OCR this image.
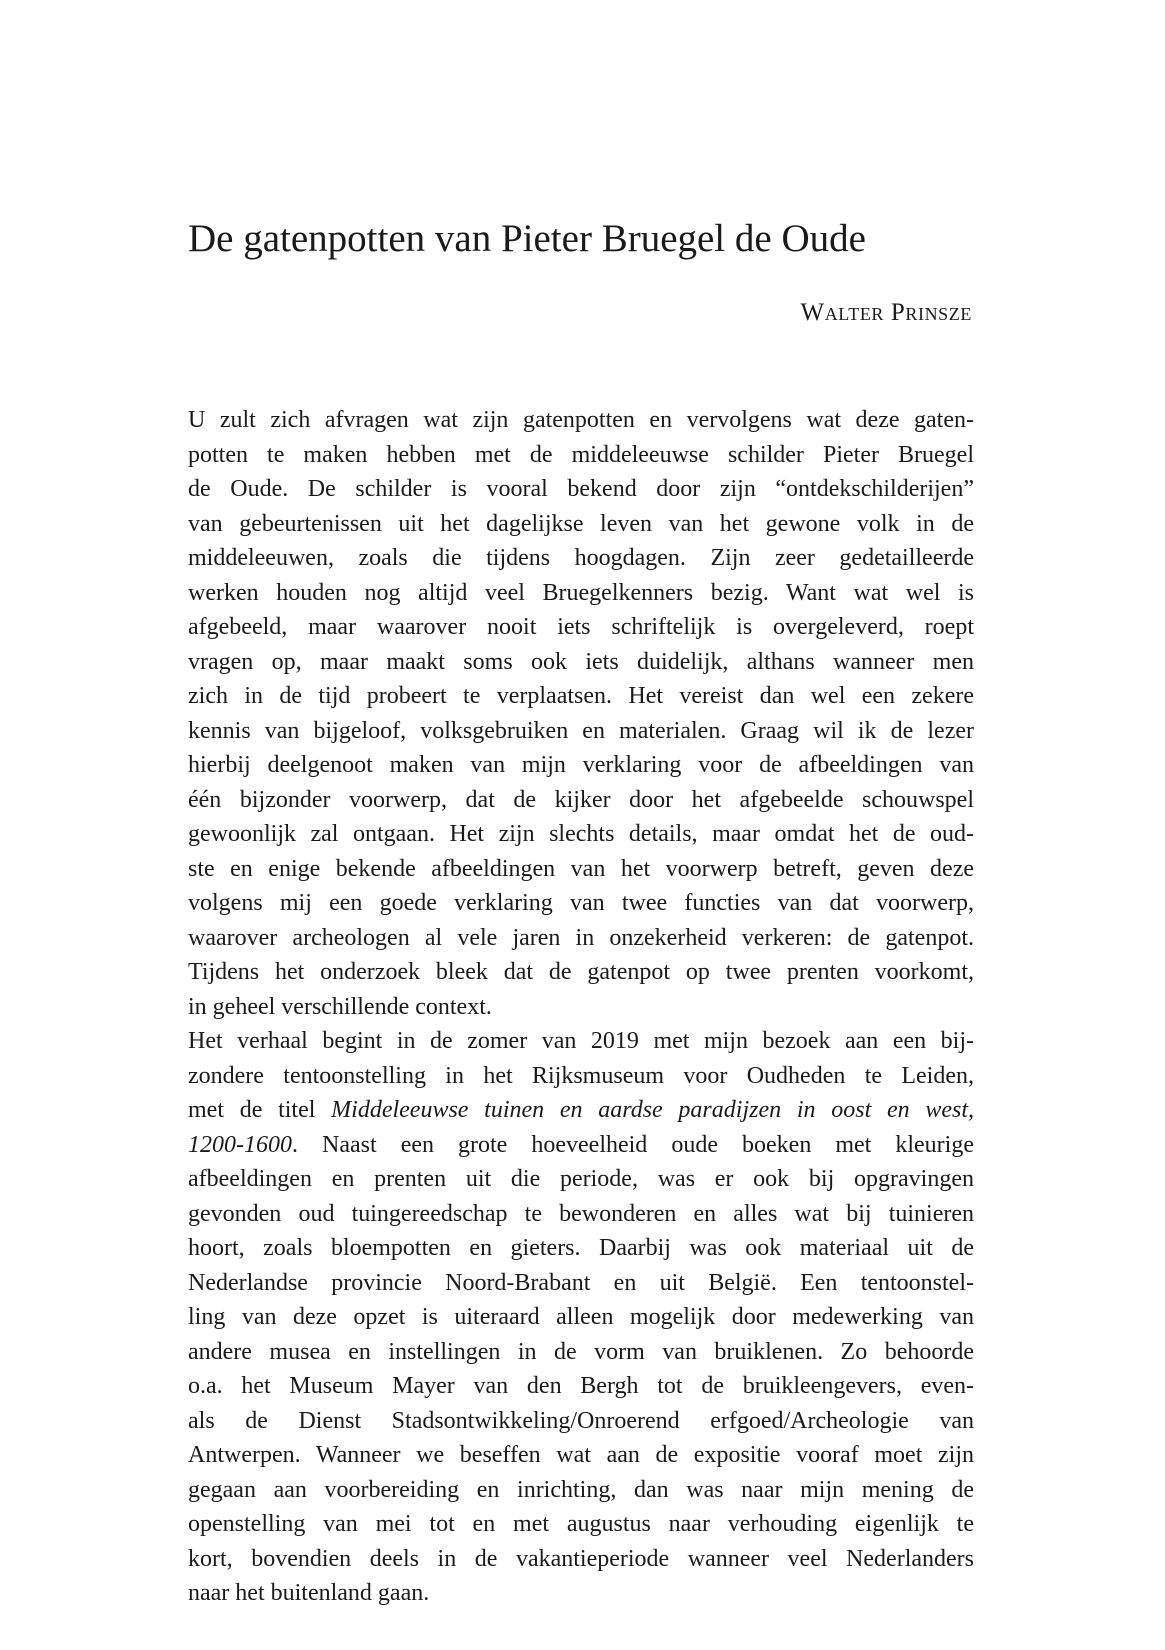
De gatenpotten van Pieter Bruegel de Oude
Walter Prinsze
U zult zich afvragen wat zijn gatenpotten en vervolgens wat deze gaten-
potten te maken hebben met de middeleeuwse schilder Pieter Bruegel
de Oude. De schilder is vooral bekend door zijn “ontdekschilderijen”
van gebeurtenissen uit het dagelijkse leven van het gewone volk in de
middeleeuwen, zoals die tijdens hoogdagen. Zijn zeer gedetailleerde
werken houden nog altijd veel Bruegelkenners bezig. Want wat wel is
afgebeeld, maar waarover nooit iets schriftelijk is overgeleverd, roept
vragen op, maar maakt soms ook iets duidelijk, althans wanneer men
zich in de tijd probeert te verplaatsen. Het vereist dan wel een zekere
kennis van bijgeloof, volksgebruiken en materialen. Graag wil ik de lezer
hierbij deelgenoot maken van mijn verklaring voor de afbeeldingen van
één bijzonder voorwerp, dat de kijker door het afgebeelde schouwspel
gewoonlijk zal ontgaan. Het zijn slechts details, maar omdat het de oud-
ste en enige bekende afbeeldingen van het voorwerp betreft, geven deze
volgens mij een goede verklaring van twee functies van dat voorwerp,
waarover archeologen al vele jaren in onzekerheid verkeren: de gatenpot.
Tijdens het onderzoek bleek dat de gatenpot op twee prenten voorkomt,
in geheel verschillende context.
Het verhaal begint in de zomer van 2019 met mijn bezoek aan een bij-
zondere tentoonstelling in het Rijksmuseum voor Oudheden te Leiden,
met de titel Middeleeuwse tuinen en aardse paradijzen in oost en west,
1200-1600. Naast een grote hoeveelheid oude boeken met kleurige
afbeeldingen en prenten uit die periode, was er ook bij opgravingen
gevonden oud tuingereedschap te bewonderen en alles wat bij tuinieren
hoort, zoals bloempotten en gieters. Daarbij was ook materiaal uit de
Nederlandse provincie Noord-Brabant en uit België. Een tentoonstel-
ling van deze opzet is uiteraard alleen mogelijk door medewerking van
andere musea en instellingen in de vorm van bruiklenen. Zo behoorde
o.a. het Museum Mayer van den Bergh tot de bruikleengevers, even-
als de Dienst Stadsontwikkeling/Onroerend erfgoed/Archeologie van
Antwerpen. Wanneer we beseffen wat aan de expositie vooraf moet zijn
gegaan aan voorbereiding en inrichting, dan was naar mijn mening de
openstelling van mei tot en met augustus naar verhouding eigenlijk te
kort, bovendien deels in de vakantieperiode wanneer veel Nederlanders
naar het buitenland gaan.
